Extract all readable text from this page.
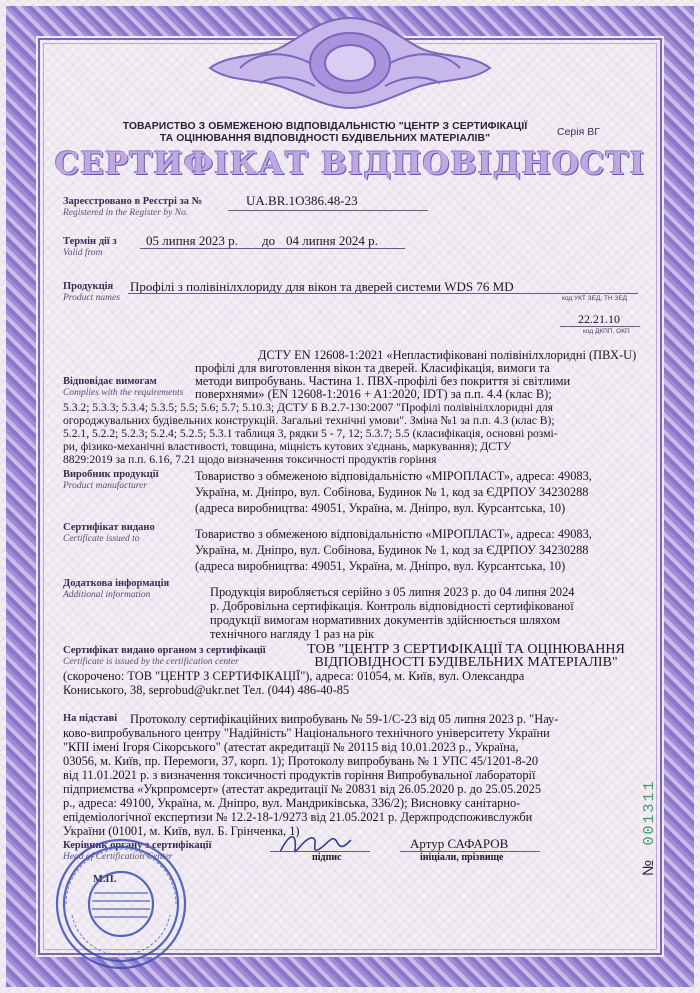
ТОВАРИСТВО З ОБМЕЖЕНОЮ ВІДПОВІДАЛЬНІСТЮ "ЦЕНТР З СЕРТИФІКАЦІЇ ТА ОЦІНЮВАННЯ ВІДПОВІДНОСТІ БУДІВЕЛЬНИХ МАТЕРІАЛІВ"
Серія ВГ
СЕРТИФІКАТ ВІДПОВІДНОСТІ
Зареєстровано в Реєстрі за №
Registered in the Register by No.
UA.BR.1O386.48-23
Термін дії з
Valid from
05 липня 2023 р. до 04 липня 2024 р.
Продукція
Product names
Профілі з полівінілхлориду для вікон та дверей системи WDS 76 MD
код УКТ ЗЕД, ТН ЗЕД
22.21.10
код ДКПП, ОКП
Відповідає вимогам
Complies with the requirements
ДСТУ EN 12608-1:2021 «Непластифіковані полівінілхлоридні (ПВХ-U)
профілі для виготовлення вікон та дверей. Класифікація, вимоги та
методи випробувань. Частина 1. ПВХ-профілі без покриття зі світлими
поверхнями» (EN 12608-1:2016 + A1:2020, IDT) за п.п. 4.4 (клас В);
5.3.2; 5.3.3; 5.3.4; 5.3.5; 5.5; 5.6; 5.7; 5.10.3; ДСТУ Б В.2.7-130:2007 "Профілі полівінілхлоридні для
огороджувальних будівельних конструкцій. Загальні технічні умови". Зміна №1 за п.п. 4.3 (клас В);
5.2.1, 5.2.2; 5.2.3; 5.2.4; 5.2.5; 5.3.1 таблиця 3, рядки 5 - 7, 12; 5.3.7; 5.5 (класифікація, основні розмі-
ри, фізико-механічні властивості, товщина, міцність кутових з'єднань, маркування); ДСТУ
8829:2019 за п.п. 6.16, 7.21 щодо визначення токсичності продуктів горіння
Виробник продукції
Product manufacturer
Товариство з обмеженою відповідальністю «МІРОПЛАСТ», адреса: 49083,
Україна, м. Дніпро, вул. Собінова, Будинок № 1, код за ЄДРПОУ 34230288
(адреса виробництва: 49051, Україна, м. Дніпро, вул. Курсантська, 10)
Сертифікат видано
Certificate issued to	Товариство з обмеженою відповідальністю «МІРОПЛАСТ», адреса: 49083,
Україна, м. Дніпро, вул. Собінова, Будинок № 1, код за ЄДРПОУ 34230288
(адреса виробництва: 49051, Україна, м. Дніпро, вул. Курсантська, 10)
Додаткова інформація
Additional information	Продукція виробляється серійно з 05 липня 2023 р. до 04 липня 2024
р. Добровільна сертифікація. Контроль відповідності сертифікованої
продукції вимогам нормативних документів здійснюється шляхом
технічного нагляду 1 раз на рік
Сертифікат видано органом з сертифікації
Certificate is issued by the certification center
ТОВ "ЦЕНТР З СЕРТИФІКАЦІЇ ТА ОЦІНЮВАННЯ
ВІДПОВІДНОСТІ БУДІВЕЛЬНИХ МАТЕРІАЛІВ"
(скорочено: ТОВ "ЦЕНТР З СЕРТИФІКАЦІЇ"), адреса: 01054, м. Київ, вул. Олександра
Кониського, 38, seprobud@ukr.net Тел. (044) 486-40-85
На підставі Протоколу сертифікаційних випробувань № 59-1/С-23 від 05 липня 2023 р. "Нау-
ково-випробувального центру "Надійність" Національного технічного університету України
"КПІ імені Ігоря Сікорського" (атестат акредитації № 20115 від 10.01.2023 р., Україна,
03056, м. Київ, пр. Перемоги, 37, корп. 1); Протоколу випробувань № 1 УПС 45/1201-8-20
від 11.01.2021 р. з визначення токсичності продуктів горіння Випробувальної лабораторії
підприємства «Укрпромсерт» (атестат акредитації № 20831 від 26.05.2020 р. до 25.05.2025
р., адреса: 49100, Україна, м. Дніпро, вул. Мандриківська, 336/2); Висновку санітарно-
епідеміологічної експертизи № 12.2-18-1/9273 від 21.05.2021 р. Держпродспоживслужби
України (01001, м. Київ, вул. Б. Грінченка, 1)
Керівник органу з сертифікації
Head of Certification Center	підпис
Артур САФАРОВ
ініціали, прізвище
М.П.
№ 001311
